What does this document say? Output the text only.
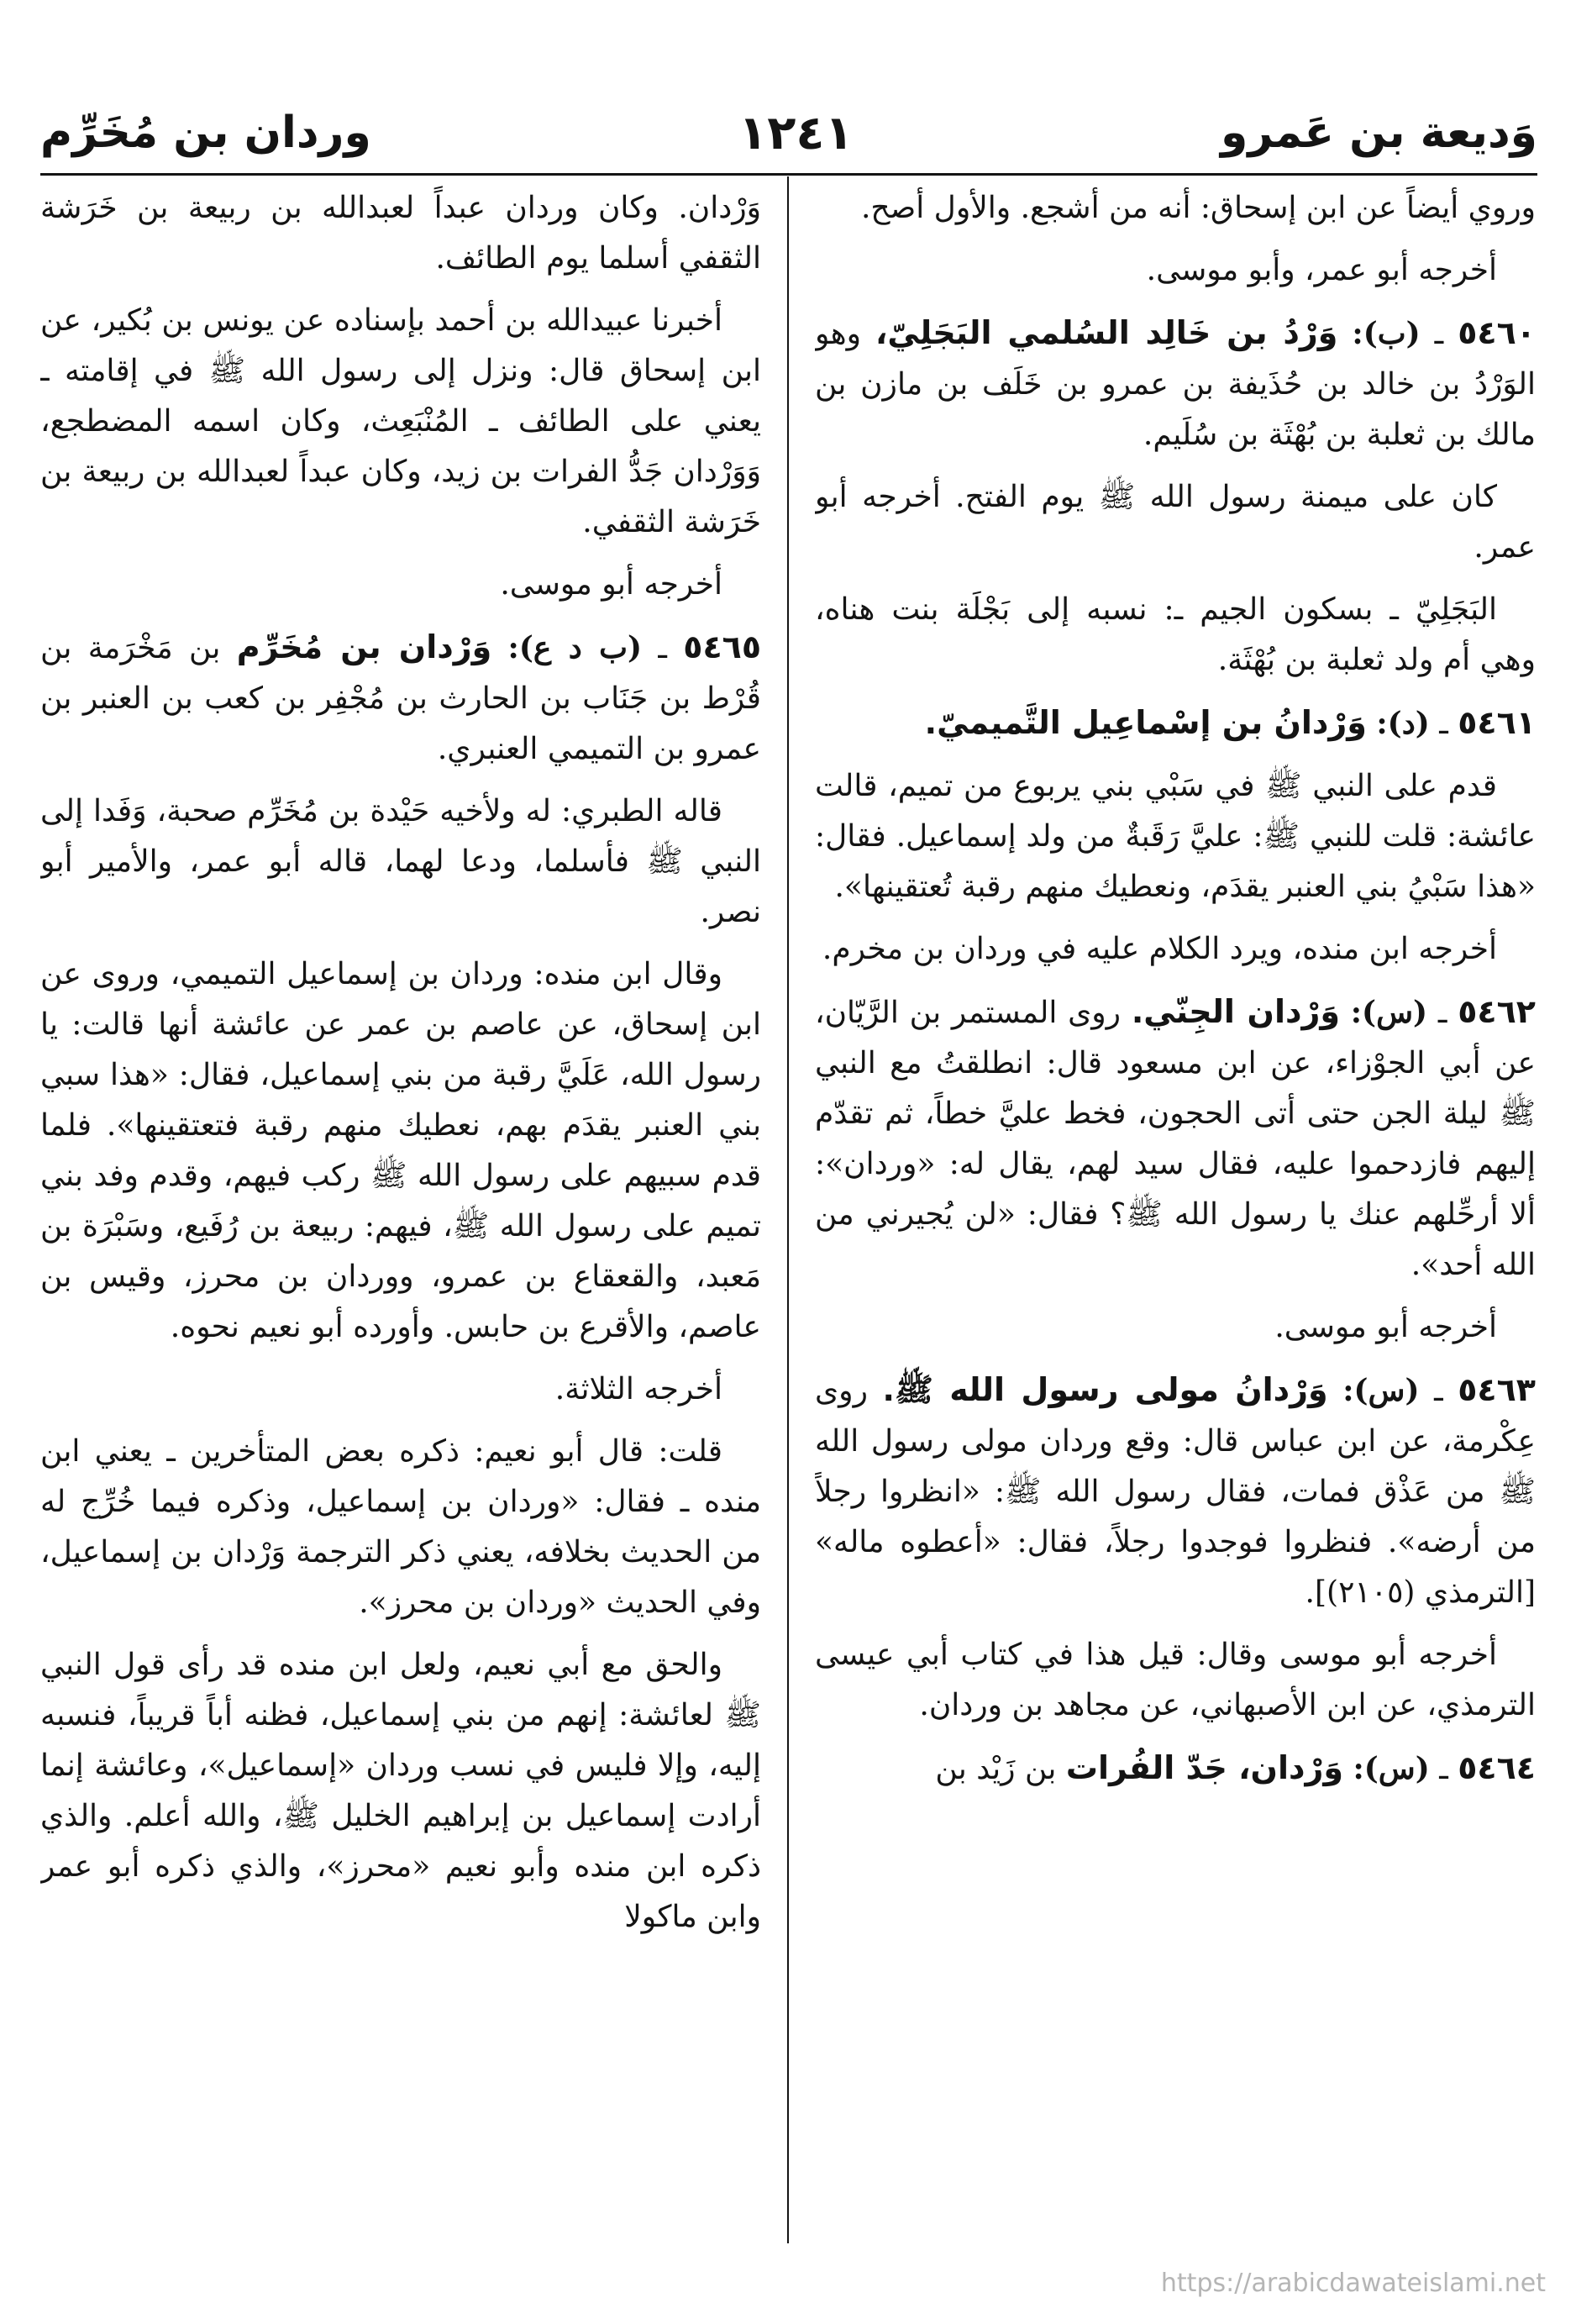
وَديعة بن عَمرو
١٢٤١
وردان بن مُخَرِّم

وروي أيضاً عن ابن إسحاق: أنه من أشجع. والأول أصح.

أخرجه أبو عمر، وأبو موسى.

٥٤٦٠ ـ (ب): وَرْدُ بن خَالِد السُلمي البَجَلِيّ، وهو الوَرْدُ بن خالد بن حُذَيفة بن عمرو بن خَلَف بن مازن بن مالك بن ثعلبة بن بُهْثَة بن سُلَيم.

كان على ميمنة رسول الله ﷺ يوم الفتح. أخرجه أبو عمر.

البَجَلِيّ ـ بسكون الجيم ـ: نسبه إلى بَجْلَة بنت هناه، وهي أم ولد ثعلبة بن بُهْثَة.

٥٤٦١ ـ (د): وَرْدانُ بن إسْماعِيل التَّميميّ.

قدم على النبي ﷺ في سَبْي بني يربوع من تميم، قالت عائشة: قلت للنبي ﷺ: عليَّ رَقَبةٌ من ولد إسماعيل. فقال: «هذا سَبْيُ بني العنبر يقدَم، ونعطيك منهم رقبة تُعتقينها».

أخرجه ابن منده، ويرد الكلام عليه في وردان بن مخرم.

٥٤٦٢ ـ (س): وَرْدان الجِنّي. روى المستمر بن الرَّيّان، عن أبي الجوْزاء، عن ابن مسعود قال: انطلقتُ مع النبي ﷺ ليلة الجن حتى أتى الحجون، فخط عليَّ خطاً، ثم تقدّم إليهم فازدحموا عليه، فقال سيد لهم، يقال له: «وردان»: ألا أرحِّلهم عنك يا رسول الله ﷺ؟ فقال: «لن يُجيرني من الله أحد».

أخرجه أبو موسى.

٥٤٦٣ ـ (س): وَرْدانُ مولى رسول الله ﷺ. روى عِكْرمة، عن ابن عباس قال: وقع وردان مولى رسول الله ﷺ من عَذْق فمات، فقال رسول الله ﷺ: «انظروا رجلاً من أرضه». فنظروا فوجدوا رجلاً، فقال: «أعطوه ماله» [الترمذي (٢١٠٥)].

أخرجه أبو موسى وقال: قيل هذا في كتاب أبي عيسى الترمذي، عن ابن الأصبهاني، عن مجاهد بن وردان.

٥٤٦٤ ـ (س): وَرْدان، جَدّ الفُرات بن زَيْد بن

وَرْدان. وكان وردان عبداً لعبدالله بن ربيعة بن خَرَشة الثقفي أسلما يوم الطائف.

أخبرنا عبيدالله بن أحمد بإسناده عن يونس بن بُكير، عن ابن إسحاق قال: ونزل إلى رسول الله ﷺ في إقامته ـ يعني على الطائف ـ المُنْبَعِث، وكان اسمه المضطجع، وَوَرْدان جَدُّ الفرات بن زيد، وكان عبداً لعبدالله بن ربيعة بن خَرَشة الثقفي.

أخرجه أبو موسى.

٥٤٦٥ ـ (ب د ع): وَرْدان بن مُخَرِّم بن مَخْرَمة بن قُرْط بن جَنَاب بن الحارث بن مُجْفِر بن كعب بن العنبر بن عمرو بن التميمي العنبري.

قاله الطبري: له ولأخيه حَيْدة بن مُخَرِّم صحبة، وَفَدا إلى النبي ﷺ فأسلما، ودعا لهما، قاله أبو عمر، والأمير أبو نصر.

وقال ابن منده: وردان بن إسماعيل التميمي، وروى عن ابن إسحاق، عن عاصم بن عمر عن عائشة أنها قالت: يا رسول الله، عَلَيَّ رقبة من بني إسماعيل، فقال: «هذا سبي بني العنبر يقدَم بهم، نعطيك منهم رقبة فتعتقينها». فلما قدم سبيهم على رسول الله ﷺ ركب فيهم، وقدم وفد بني تميم على رسول الله ﷺ، فيهم: ربيعة بن رُفَيع، وسَبْرَة بن مَعبد، والقعقاع بن عمرو، ووردان بن محرز، وقيس بن عاصم، والأقرع بن حابس. وأورده أبو نعيم نحوه.

أخرجه الثلاثة.

قلت: قال أبو نعيم: ذكره بعض المتأخرين ـ يعني ابن منده ـ فقال: «وردان بن إسماعيل، وذكره فيما خُرِّج له من الحديث بخلافه، يعني ذكر الترجمة وَرْدان بن إسماعيل، وفي الحديث «وردان بن محرز».

والحق مع أبي نعيم، ولعل ابن منده قد رأى قول النبي ﷺ لعائشة: إنهم من بني إسماعيل، فظنه أباً قريباً، فنسبه إليه، وإلا فليس في نسب وردان «إسماعيل»، وعائشة إنما أرادت إسماعيل بن إبراهيم الخليل ﷺ، والله أعلم. والذي ذكره ابن منده وأبو نعيم «محرز»، والذي ذكره أبو عمر وابن ماكولا

https://arabicdawateislami.net
